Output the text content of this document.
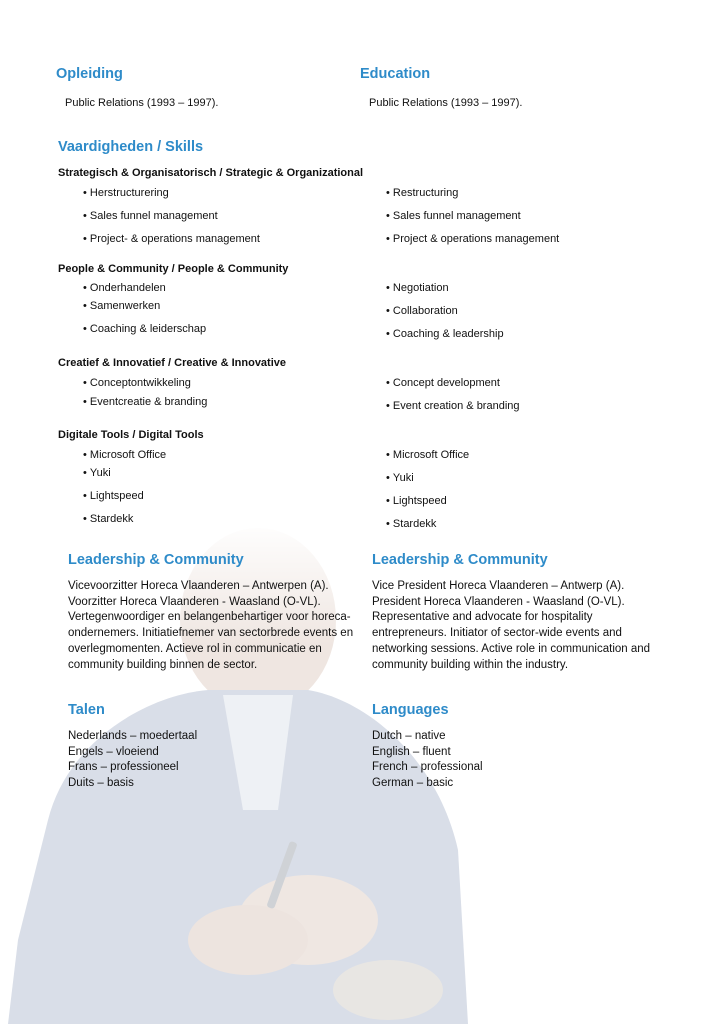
Opleiding
Public Relations (1993 – 1997).
Education
Public Relations (1993 – 1997).
Vaardigheden / Skills
Strategisch & Organisatorisch / Strategic & Organizational
• Herstructurering
• Sales funnel management
• Project- & operations management
• Restructuring
• Sales funnel management
• Project & operations management
People & Community / People & Community
• Onderhandelen
• Samenwerken
• Coaching & leiderschap
• Negotiation
• Collaboration
• Coaching & leadership
Creatief & Innovatief / Creative & Innovative
• Conceptontwikkeling
• Eventcreatie & branding
• Concept development
• Event creation & branding
Digitale Tools / Digital Tools
• Microsoft Office
• Yuki
• Lightspeed
• Stardekk
• Microsoft Office
• Yuki
• Lightspeed
• Stardekk
Leadership & Community
Vicevoorzitter Horeca Vlaanderen – Antwerpen (A).
Voorzitter Horeca Vlaanderen - Waasland (O-VL).
Vertegenwoordiger en belangenbehartiger voor horeca-
ondernemers. Initiatiefnemer van sectorbrede events en
overlegmomenten. Actieve rol in communicatie en
community building binnen de sector.
Leadership & Community
Vice President Horeca Vlaanderen – Antwerp (A).
President Horeca Vlaanderen - Waasland (O-VL).
Representative and advocate for hospitality
entrepreneurs. Initiator of sector-wide events and
networking sessions. Active role in communication and
community building within the industry.
Talen
Nederlands – moedertaal
Engels – vloeiend
Frans – professioneel
Duits – basis
Languages
Dutch – native
English – fluent
French – professional
German – basic
